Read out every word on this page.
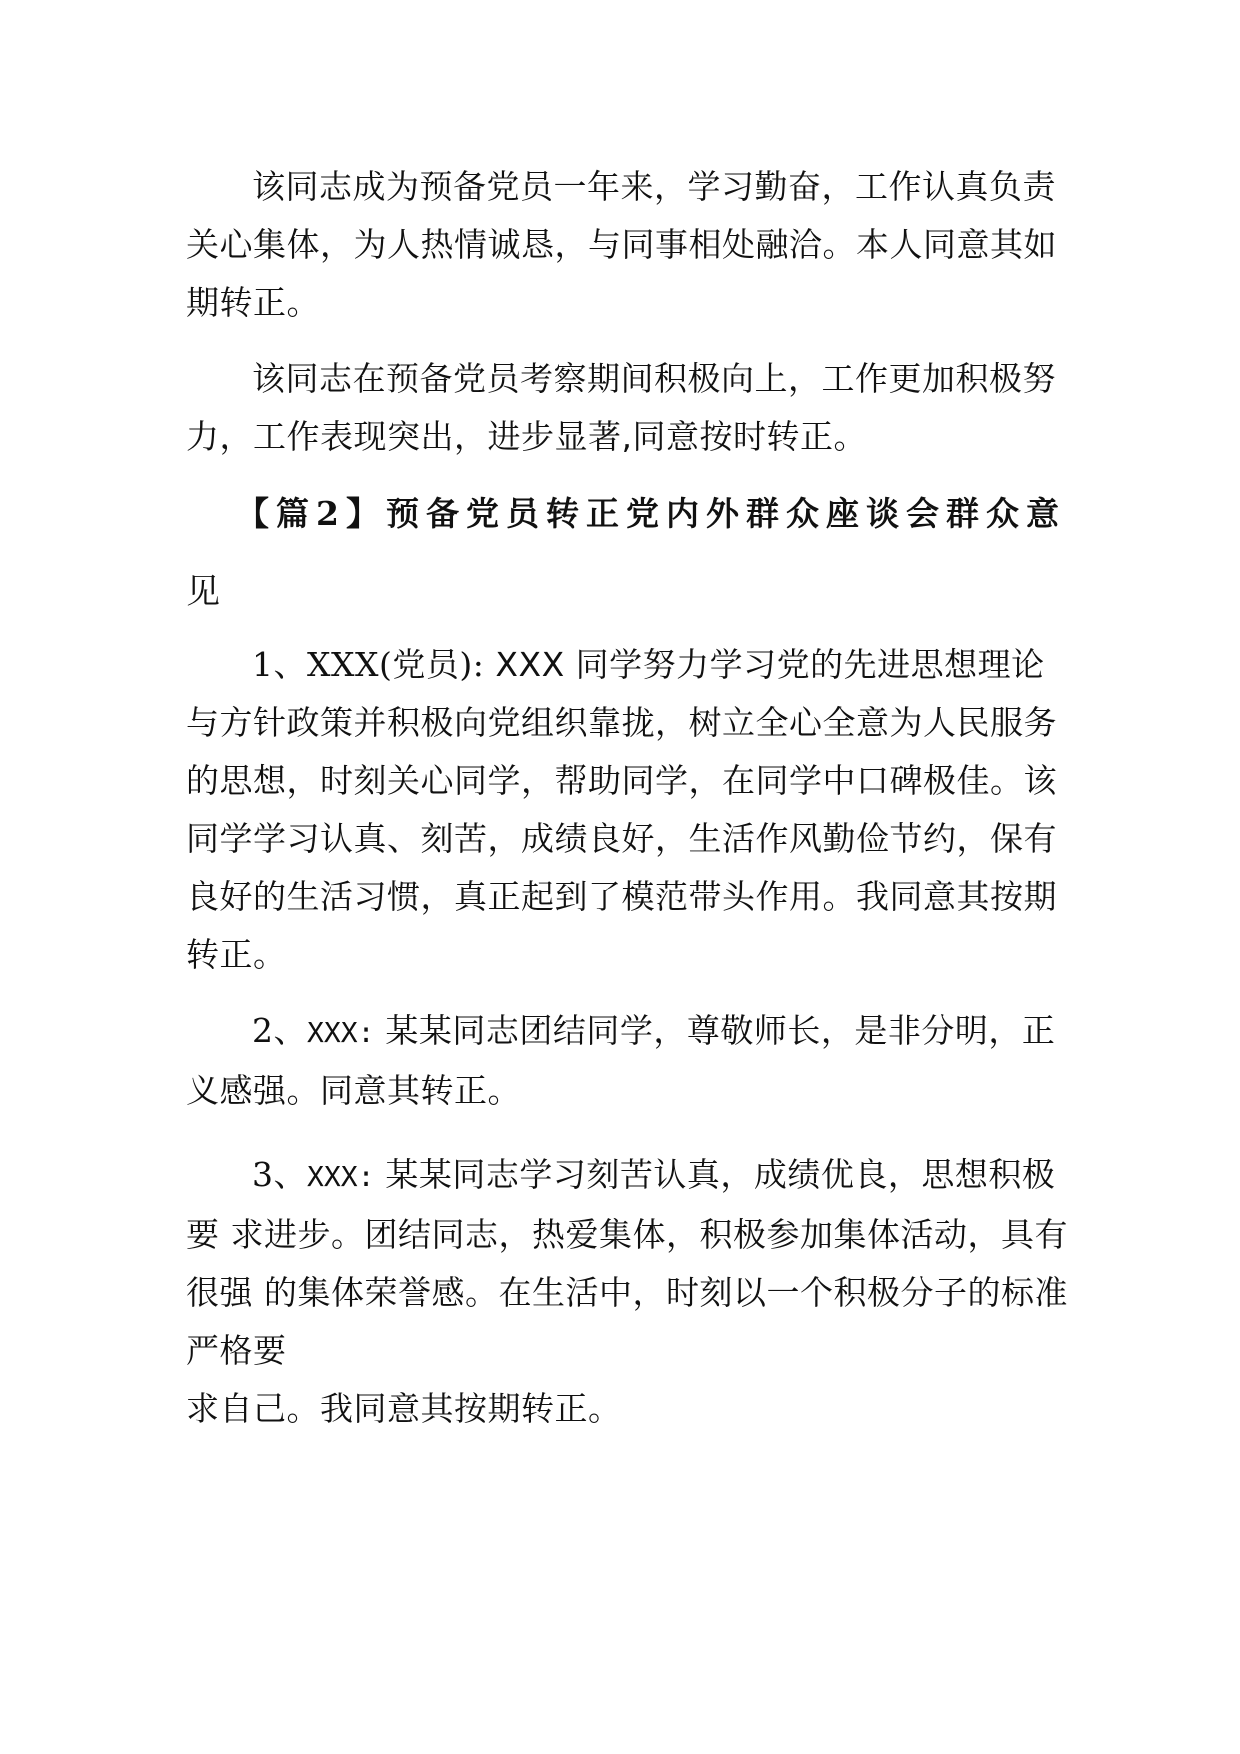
该同志成为预备党员一年来，学习勤奋，工作认真负责关心集体，为人热情诚恳，与同事相处融洽。本人同意其如期转正。

该同志在预备党员考察期间积极向上，工作更加积极努力，工作表现突出，进步显著,同意按时转正。

【篇2】预备党员转正党内外群众座谈会群众意
见

1、XXX(党员): XXX 同学努力学习党的先进思想理论与方针政策并积极向党组织靠拢，树立全心全意为人民服务的思想，时刻关心同学，帮助同学，在同学中口碑极佳。该同学学习认真、刻苦，成绩良好，生活作风勤俭节约，保有良好的生活习惯，真正起到了模范带头作用。我同意其按期转正。

2、XXX: 某某同志团结同学，尊敬师长，是非分明，正义感强。同意其转正。

3、XXX: 某某同志学习刻苦认真，成绩优良，思想积极要 求进步。团结同志，热爱集体，积极参加集体活动，具有很强 的集体荣誉感。在生活中，时刻以一个积极分子的标准严格要

求自己。我同意其按期转正。
